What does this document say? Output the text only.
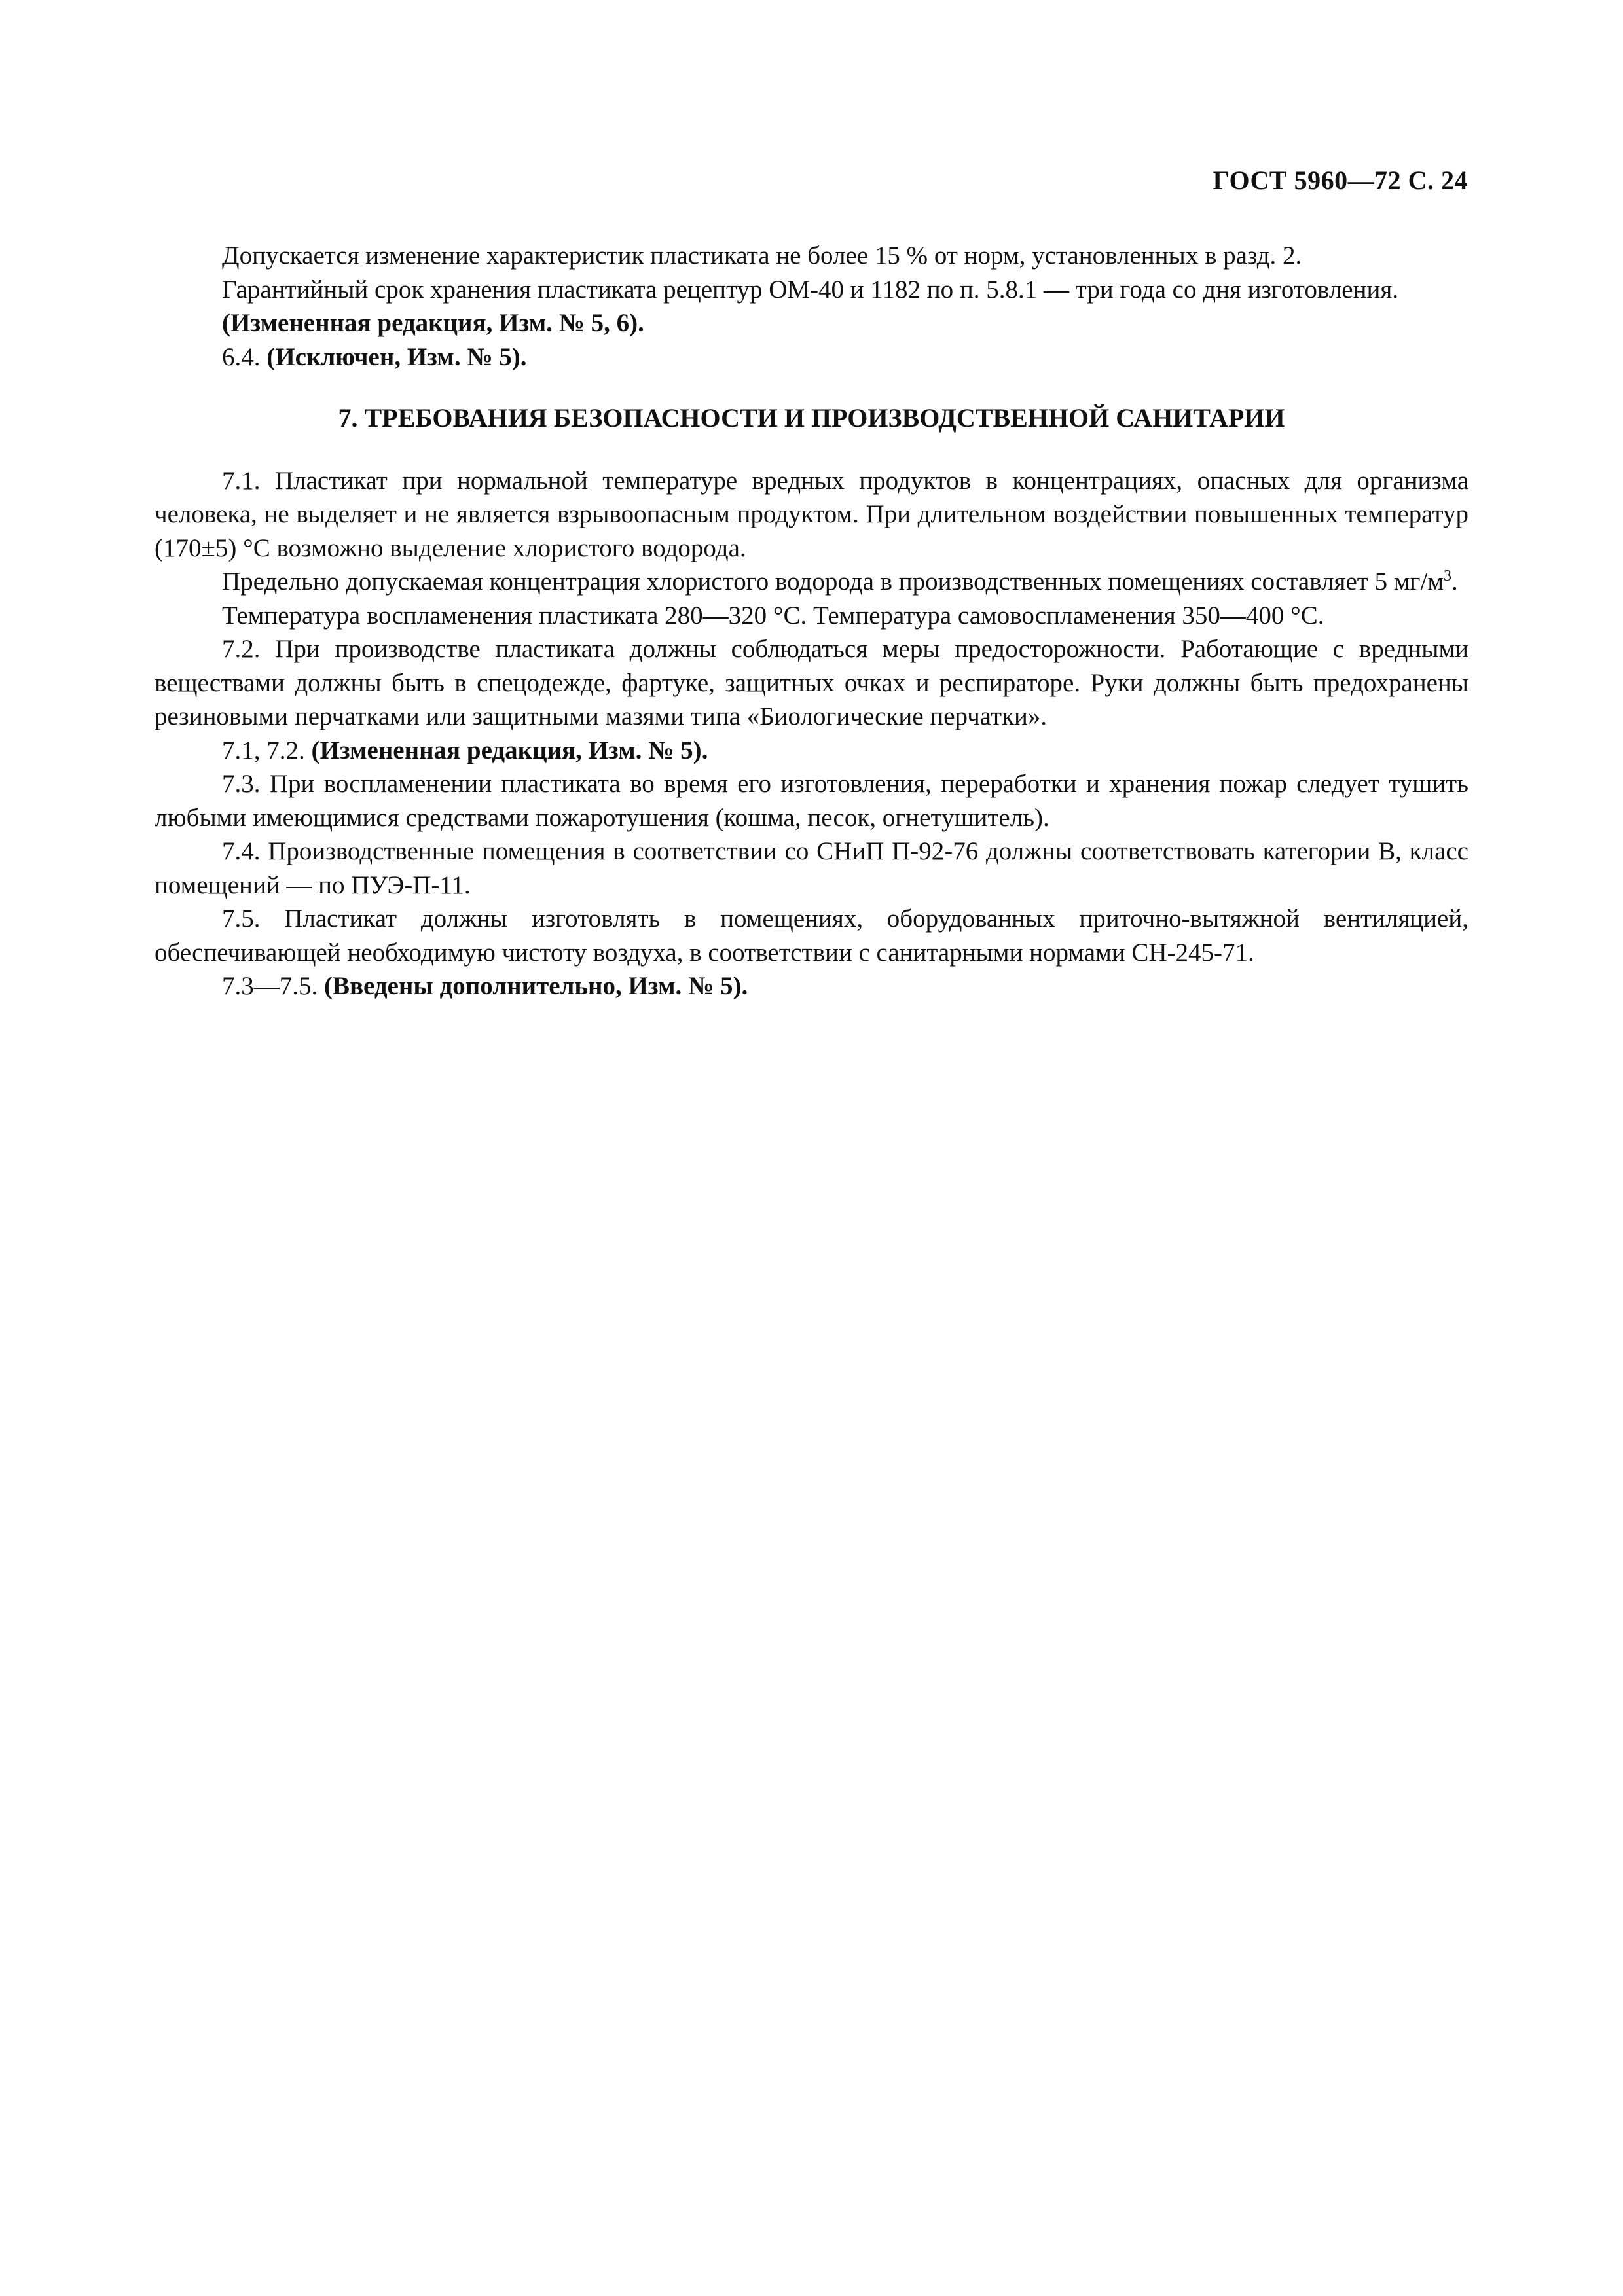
ГОСТ 5960—72 С. 24

Допускается изменение характеристик пластиката не более 15 % от норм, установленных в разд. 2.

Гарантийный срок хранения пластиката рецептур ОМ-40 и 1182 по п. 5.8.1 — три года со дня изготовления.

(Измененная редакция, Изм. № 5, 6).

6.4. (Исключен, Изм. № 5).

7. ТРЕБОВАНИЯ БЕЗОПАСНОСТИ И ПРОИЗВОДСТВЕННОЙ САНИТАРИИ

7.1. Пластикат при нормальной температуре вредных продуктов в концентрациях, опасных для организма человека, не выделяет и не является взрывоопасным продуктом. При длительном воздействии повышенных температур (170±5) °С возможно выделение хлористого водорода.

Предельно допускаемая концентрация хлористого водорода в производственных помещениях составляет 5 $мг/м^3$.

Температура воспламенения пластиката 280—320 °С. Температура самовоспламенения 350—400 °С.

7.2. При производстве пластиката должны соблюдаться меры предосторожности. Работающие с вредными веществами должны быть в спецодежде, фартуке, защитных очках и респираторе. Руки должны быть предохранены резиновыми перчатками или защитными мазями типа «Биологические перчатки».

7.1, 7.2. (Измененная редакция, Изм. № 5).

7.3. При воспламенении пластиката во время его изготовления, переработки и хранения пожар следует тушить любыми имеющимися средствами пожаротушения (кошма, песок, огнетушитель).

7.4. Производственные помещения в соответствии со СНиП П-92-76 должны соответствовать категории В, класс помещений — по ПУЭ-П-11.

7.5. Пластикат должны изготовлять в помещениях, оборудованных приточно-вытяжной вентиляцией, обеспечивающей необходимую чистоту воздуха, в соответствии с санитарными нормами СН-245-71.

7.3—7.5. (Введены дополнительно, Изм. № 5).
